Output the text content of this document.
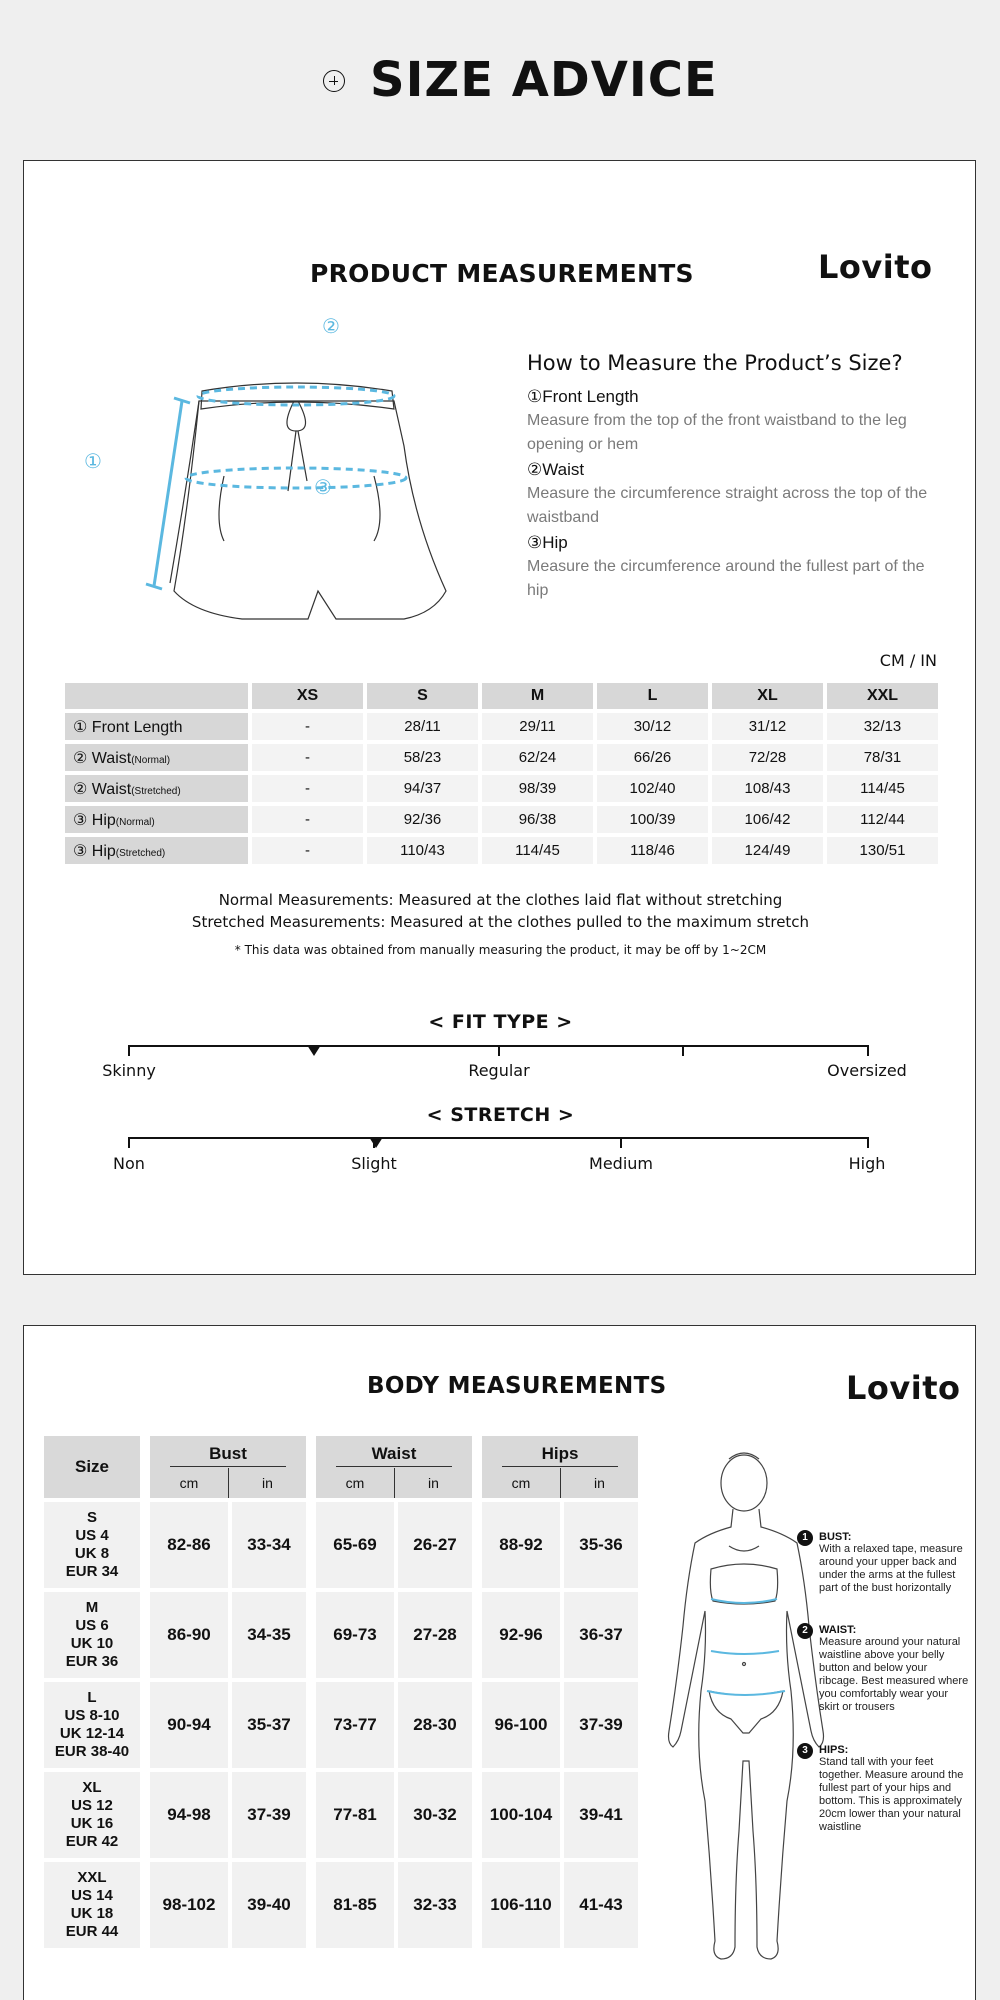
SIZE ADVICE
PRODUCT MEASUREMENTS	Lovito
③
①
②
How to Measure the Product’s Size?
①Front Length
Measure from the top of the front waistband to the leg opening or hem
②Waist
Measure the circumference straight across the top of the waistband
③Hip
Measure the circumference around the fullest part of the hip
CM / IN
	XS	S	M	L	XL	XXL
① Front Length	-	28/11	29/11	30/12	31/12	32/13
② Waist(Normal)	-	58/23	62/24	66/26	72/28	78/31
② Waist(Stretched)	-	94/37	98/39	102/40	108/43	114/45
③ Hip(Normal)	-	92/36	96/38	100/39	106/42	112/44
③ Hip(Stretched)	-	110/43	114/45	118/46	124/49	130/51
Normal Measurements: Measured at the clothes laid flat without stretching
Stretched Measurements: Measured at the clothes pulled to the maximum stretch
* This data was obtained from manually measuring the product, it may be off by 1~2CM
< FIT TYPE >
Skinny	Regular	Oversized
< STRETCH >
Non	Slight	Medium	High
BODY MEASUREMENTS	Lovito
Size		Bust			Waist			Hips	
		cm	in		cm	in		cm	in

S
US 4
UK 8
EUR 34		82-86	33-34		65-69	26-27		88-92	35-36

M
US 6
UK 10
EUR 36		86-90	34-35		69-73	27-28		92-96	36-37

L
US 8-10
UK 12-14
EUR 38-40		90-94	35-37		73-77	28-30		96-100	37-39

XL
US 12
UK 16
EUR 42		94-98	37-39		77-81	30-32		100-104	39-41

XXL
US 14
UK 18
EUR 44		98-102	39-40		81-85	32-33		106-110	41-43
1	BUST:
With a relaxed tape, measure around your upper back and under the arms at the fullest part of the bust horizontally
2	WAIST:
Measure around your natural waistline above your belly button and below your ribcage. Best measured where you comfortably wear your skirt or trousers
3	HIPS:
Stand tall with your feet together. Measure around the fullest part of your hips and bottom. This is approximately 20cm lower than your natural waistline
